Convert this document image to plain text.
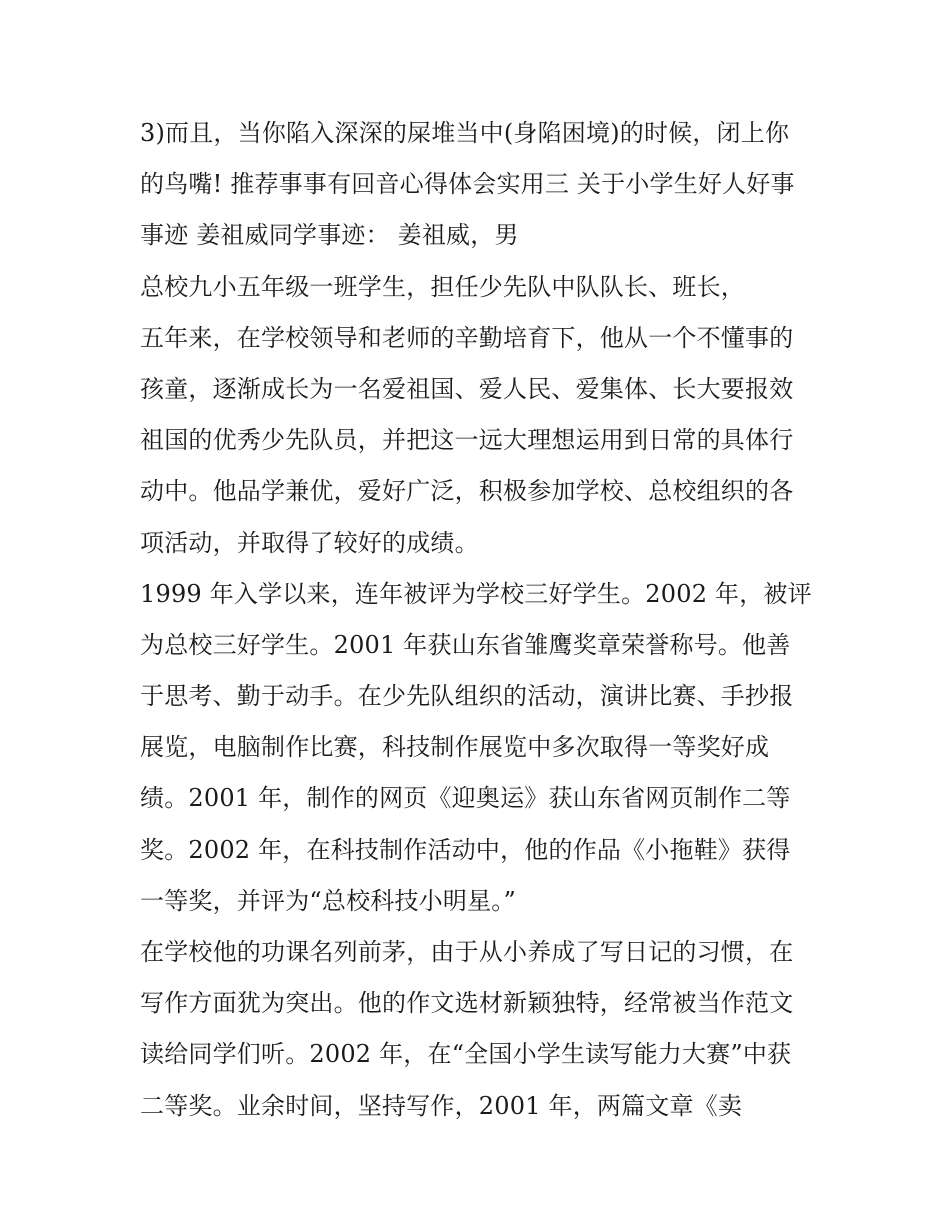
3)而且，当你陷入深深的屎堆当中(身陷困境)的时候，闭上你
的鸟嘴! 推荐事事有回音心得体会实用三 关于小学生好人好事
事迹 姜祖威同学事迹： 姜祖威，男
总校九小五年级一班学生，担任少先队中队队长、班长，
五年来，在学校领导和老师的辛勤培育下，他从一个不懂事的
孩童，逐渐成长为一名爱祖国、爱人民、爱集体、长大要报效
祖国的优秀少先队员，并把这一远大理想运用到日常的具体行
动中。他品学兼优，爱好广泛，积极参加学校、总校组织的各
项活动，并取得了较好的成绩。
1999 年入学以来，连年被评为学校三好学生。2002 年，被评
为总校三好学生。2001 年获山东省雏鹰奖章荣誉称号。他善
于思考、勤于动手。在少先队组织的活动，演讲比赛、手抄报
展览，电脑制作比赛，科技制作展览中多次取得一等奖好成
绩。2001 年，制作的网页《迎奥运》获山东省网页制作二等
奖。2002 年，在科技制作活动中，他的作品《小拖鞋》获得
一等奖，并评为“总校科技小明星。”
在学校他的功课名列前茅，由于从小养成了写日记的习惯，在
写作方面犹为突出。他的作文选材新颖独特，经常被当作范文
读给同学们听。2002 年，在“全国小学生读写能力大赛”中获
二等奖。业余时间，坚持写作，2001 年，两篇文章《卖
